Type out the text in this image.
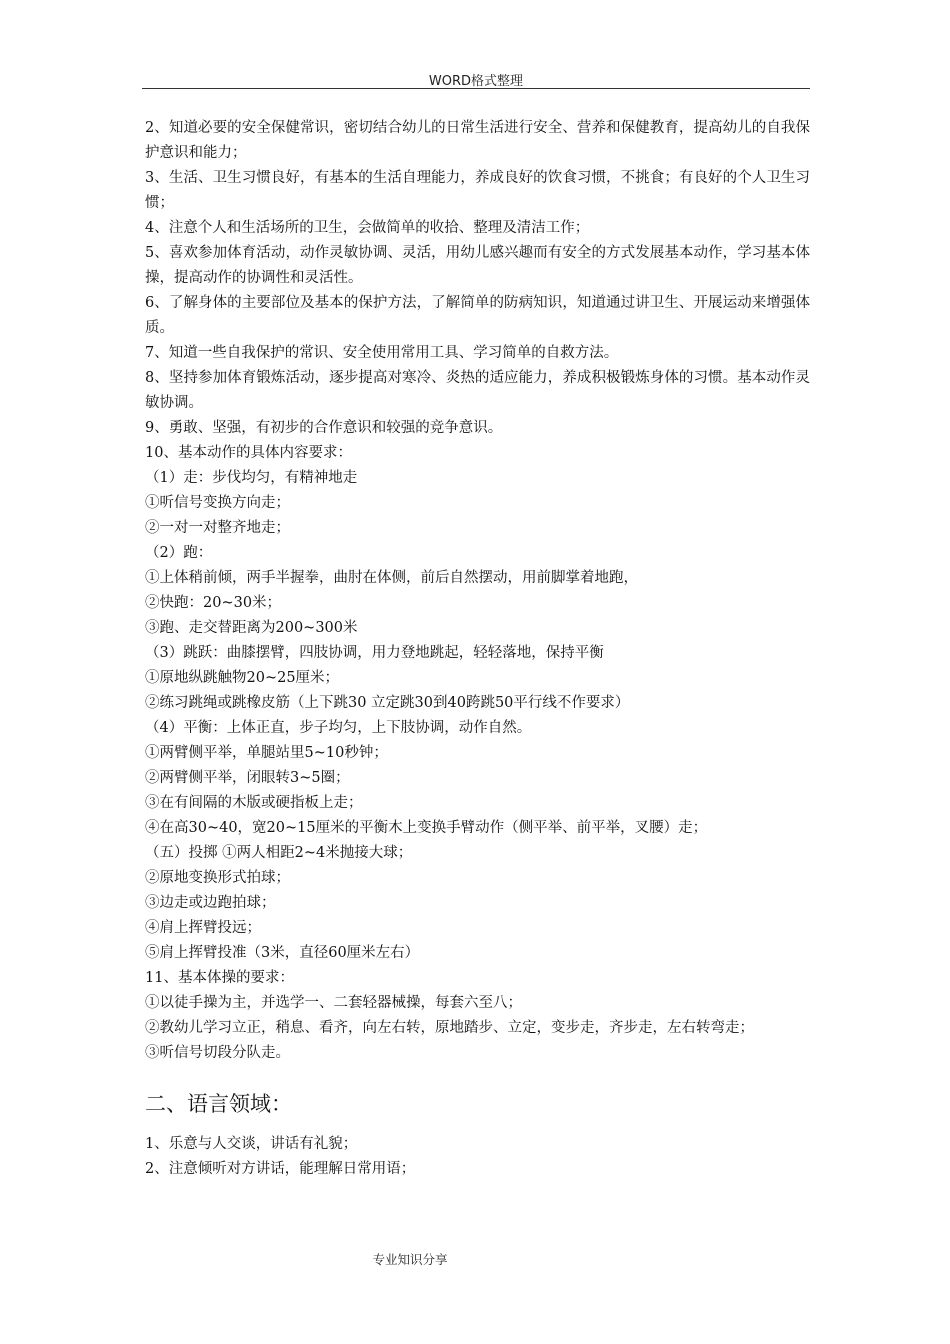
WORD格式整理

2、知道必要的安全保健常识，密切结合幼儿的日常生活进行安全、营养和保健教育，提高幼儿的自我保护意识和能力；

3、生活、卫生习惯良好，有基本的生活自理能力，养成良好的饮食习惯，不挑食；有良好的个人卫生习惯；

4、注意个人和生活场所的卫生，会做简单的收拾、整理及清洁工作；

5、喜欢参加体育活动，动作灵敏协调、灵活，用幼儿感兴趣而有安全的方式发展基本动作，学习基本体操，提高动作的协调性和灵活性。

6、了解身体的主要部位及基本的保护方法，了解简单的防病知识，知道通过讲卫生、开展运动来增强体质。

7、知道一些自我保护的常识、安全使用常用工具、学习简单的自救方法。

8、坚持参加体育锻炼活动，逐步提高对寒冷、炎热的适应能力，养成积极锻炼身体的习惯。基本动作灵敏协调。

9、勇敢、坚强，有初步的合作意识和较强的竞争意识。

10、基本动作的具体内容要求：

（1）走：步伐均匀，有精神地走

①听信号变换方向走；

②一对一对整齐地走；

（2）跑：

①上体稍前倾，两手半握拳，曲肘在体侧，前后自然摆动，用前脚掌着地跑，

②快跑：20~30米；

③跑、走交替距离为200~300米

（3）跳跃：曲膝摆臂，四肢协调，用力登地跳起，轻轻落地，保持平衡

①原地纵跳触物20~25厘米；

②练习跳绳或跳橡皮筋（上下跳30 立定跳30到40跨跳50平行线不作要求）

（4）平衡：上体正直，步子均匀，上下肢协调，动作自然。

①两臂侧平举，单腿站里5~10秒钟；

②两臂侧平举，闭眼转3~5圈；

③在有间隔的木版或硬指板上走；

④在高30~40，宽20~15厘米的平衡木上变换手臂动作（侧平举、前平举，叉腰）走；

（五）投掷 ①两人相距2~4米抛接大球；

②原地变换形式拍球；

③边走或边跑拍球；

④肩上挥臂投远；

⑤肩上挥臂投准（3米，直径60厘米左右）

11、基本体操的要求：

①以徒手操为主，并选学一、二套轻器械操，每套六至八；

②教幼儿学习立正，稍息、看齐，向左右转，原地踏步、立定，变步走，齐步走，左右转弯走；

③听信号切段分队走。

二、语言领域：

1、乐意与人交谈，讲话有礼貌；

2、注意倾听对方讲话，能理解日常用语；

专业知识分享
